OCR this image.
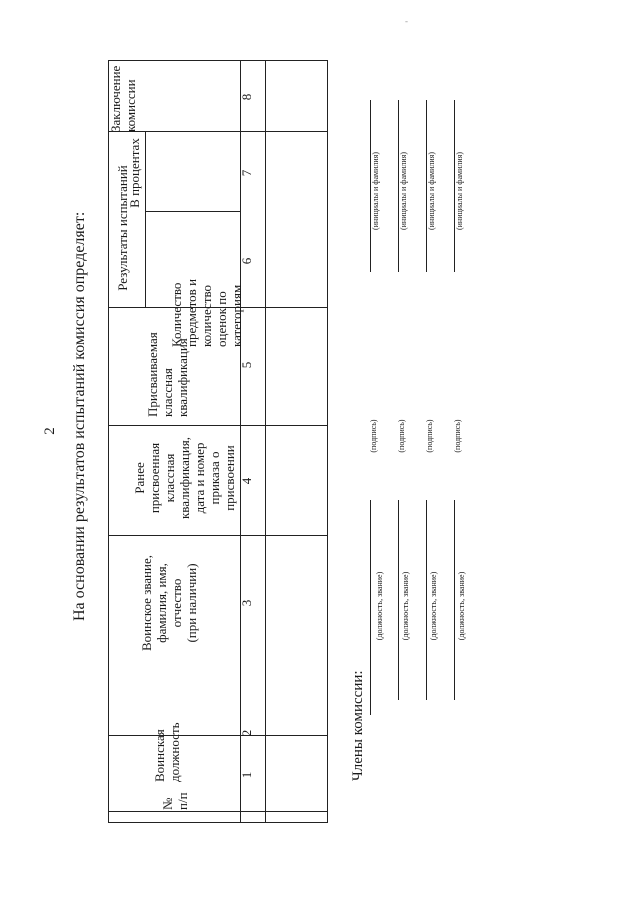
2 На основании результатов испытаний комиссия определяет:
-
№
п/п
Воинская
должность
Воинское звание,
фамилия, имя,
отчество
(при наличии)
Ранее
присвоенная
классная
квалификация,
дата и номер
приказа о
присвоении
Присваиваемая
классная
квалификация
Результаты испытаний
Количество
предметов и
количество
оценок по
категориям
В процентах
Заключение
комиссии
1
2
3
4
5
6
7
8
Члены комиссии:
(должность, звание) (должность, звание) (должность, звание) (должность, звание)
(подпись) (подпись) (подпись) (подпись)
(инициалы и фамилия) (инициалы и фамилия) (инициалы и фамилия) (инициалы и фамилия)
